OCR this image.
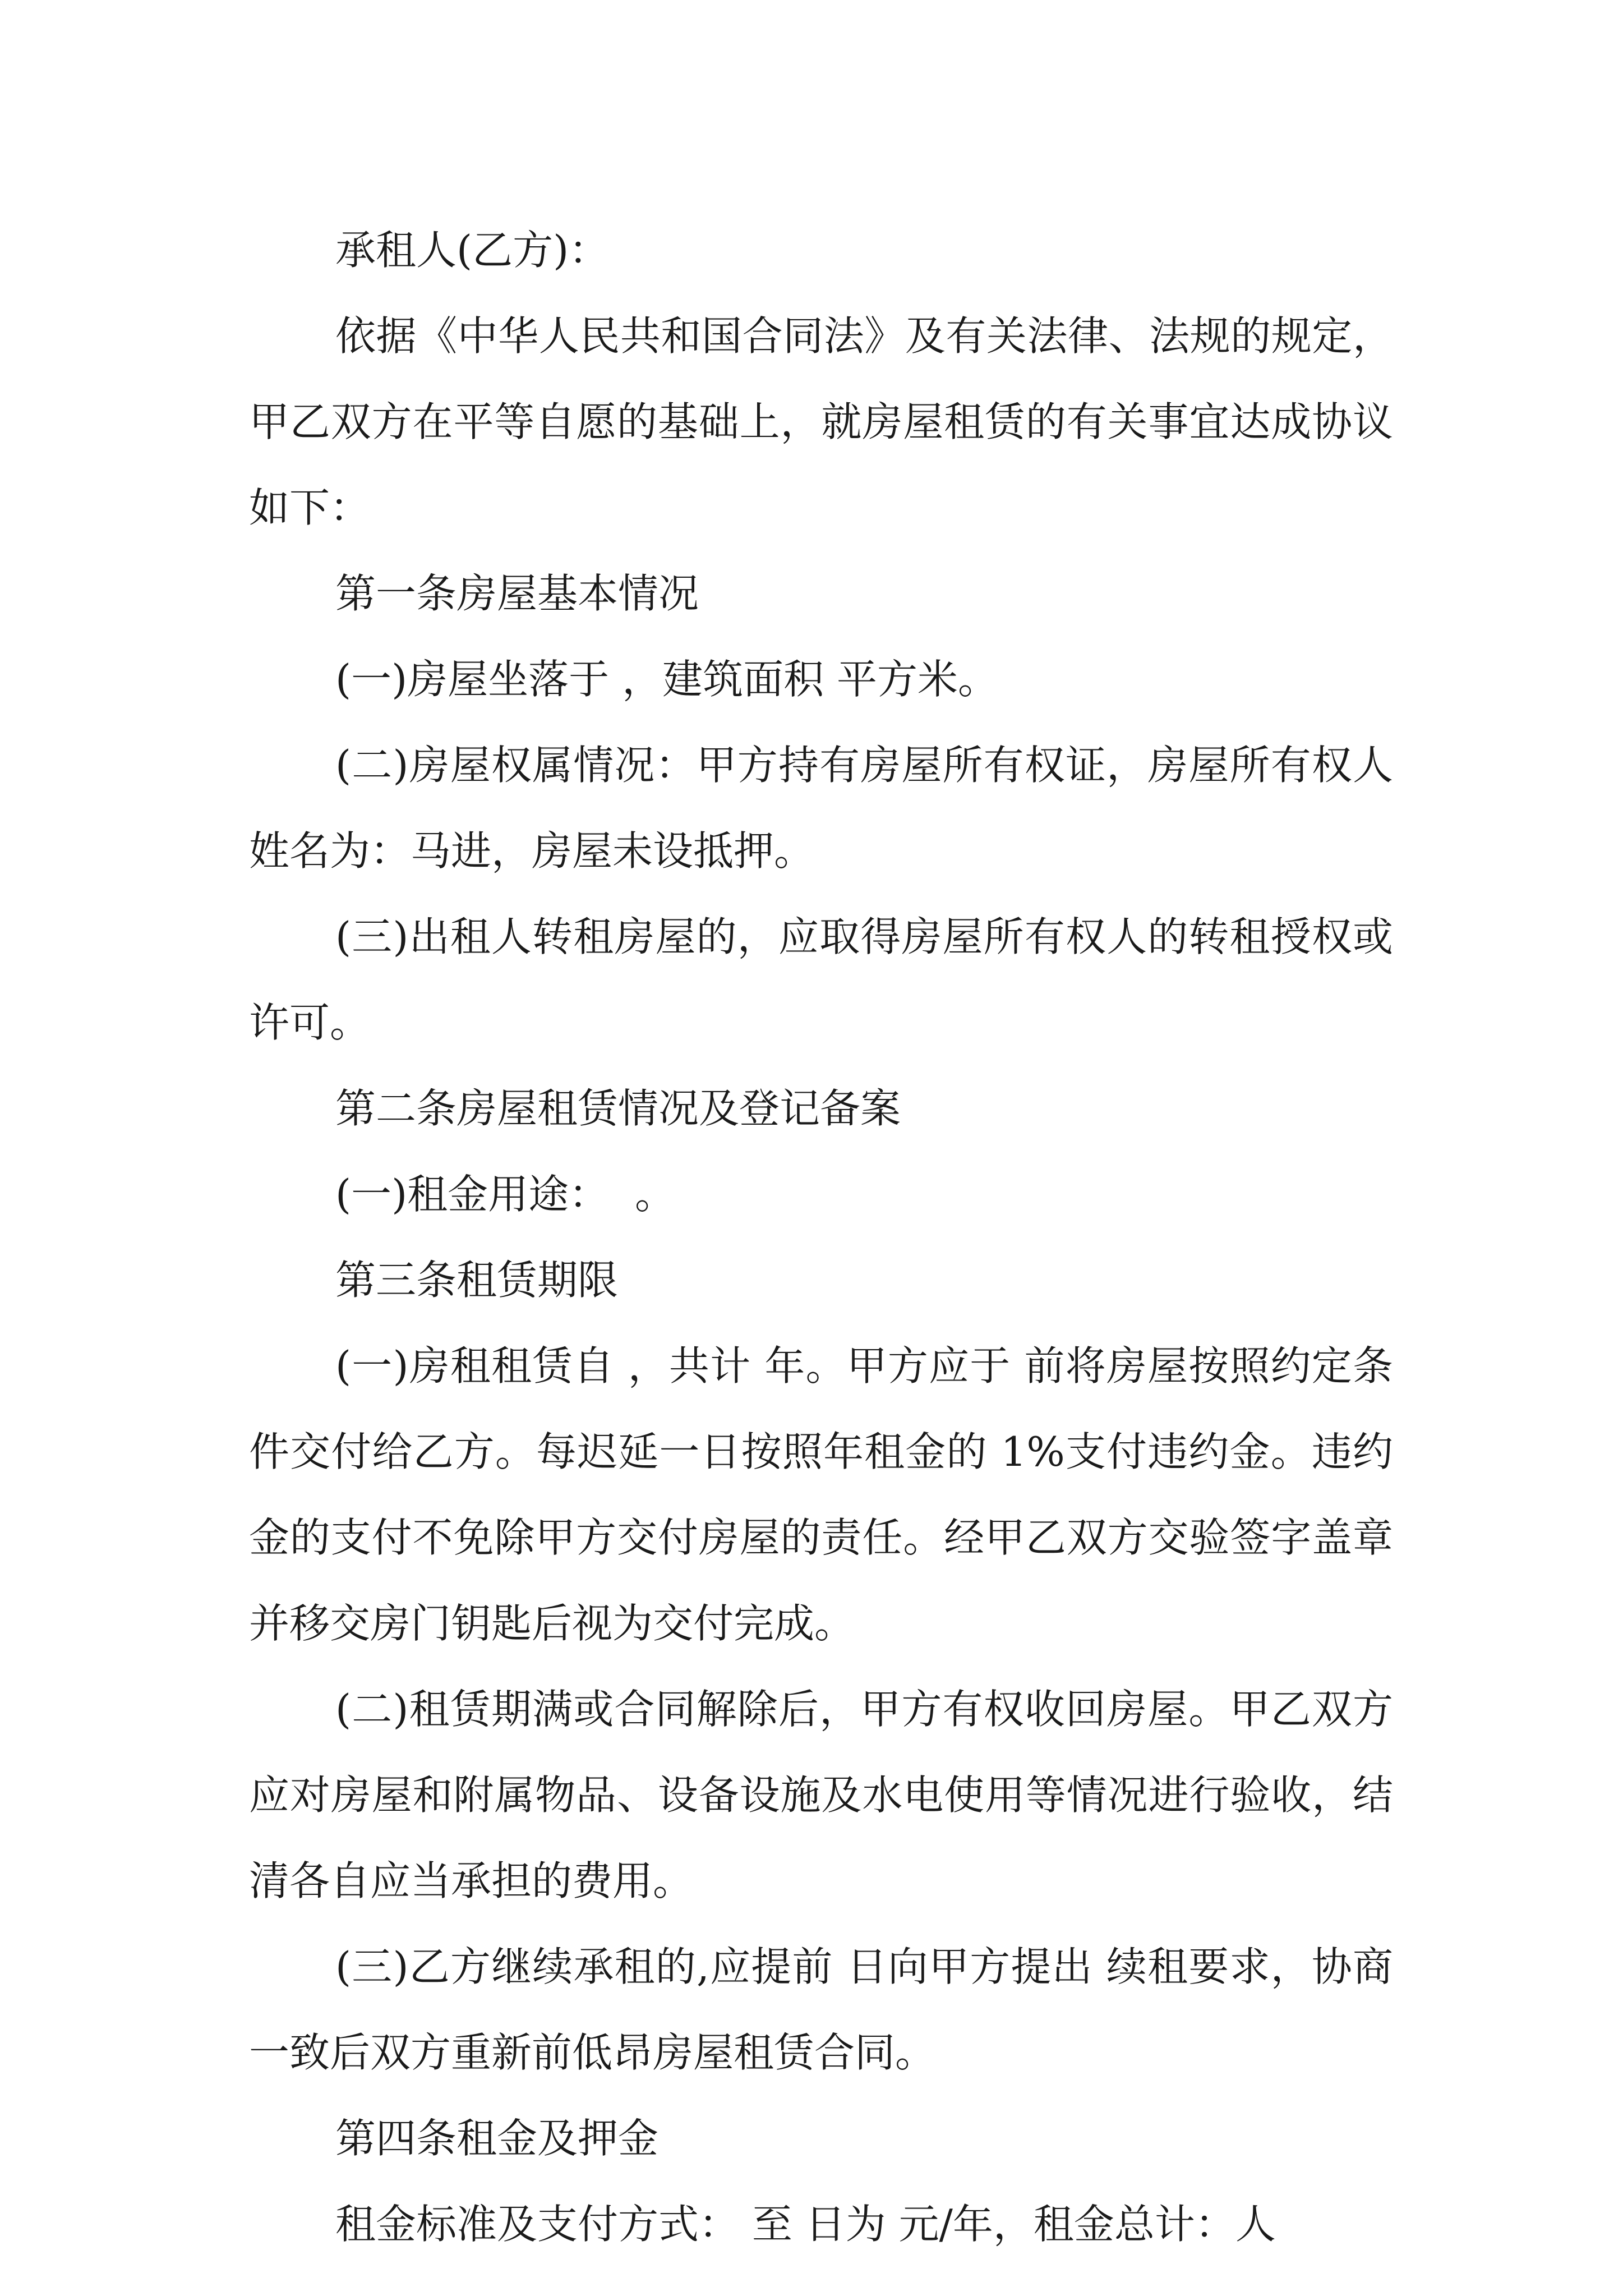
承租人(乙方)：

依据《中华人民共和国合同法》及有关法律、法规的规定，甲乙双方在平等自愿的基础上，就房屋租赁的有关事宜达成协议如下：

第一条房屋基本情况

(一)房屋坐落于 ，建筑面积 平方米。

(二)房屋权属情况：甲方持有房屋所有权证，房屋所有权人姓名为：马进，房屋未设抵押。

(三)出租人转租房屋的，应取得房屋所有权人的转租授权或许可。

第二条房屋租赁情况及登记备案

(一)租金用途：  。

第三条租赁期限

(一)房租租赁自 ，共计 年。甲方应于 前将房屋按照约定条件交付给乙方。每迟延一日按照年租金的 1%支付违约金。违约金的支付不免除甲方交付房屋的责任。经甲乙双方交验签字盖章并移交房门钥匙后视为交付完成。

(二)租赁期满或合同解除后，甲方有权收回房屋。甲乙双方应对房屋和附属物品、设备设施及水电使用等情况进行验收，结清各自应当承担的费用。

(三)乙方继续承租的,应提前 日向甲方提出 续租要求，协商一致后双方重新前低昂房屋租赁合同。

第四条租金及押金

租金标准及支付方式： 至 日为 元/年，租金总计：人
